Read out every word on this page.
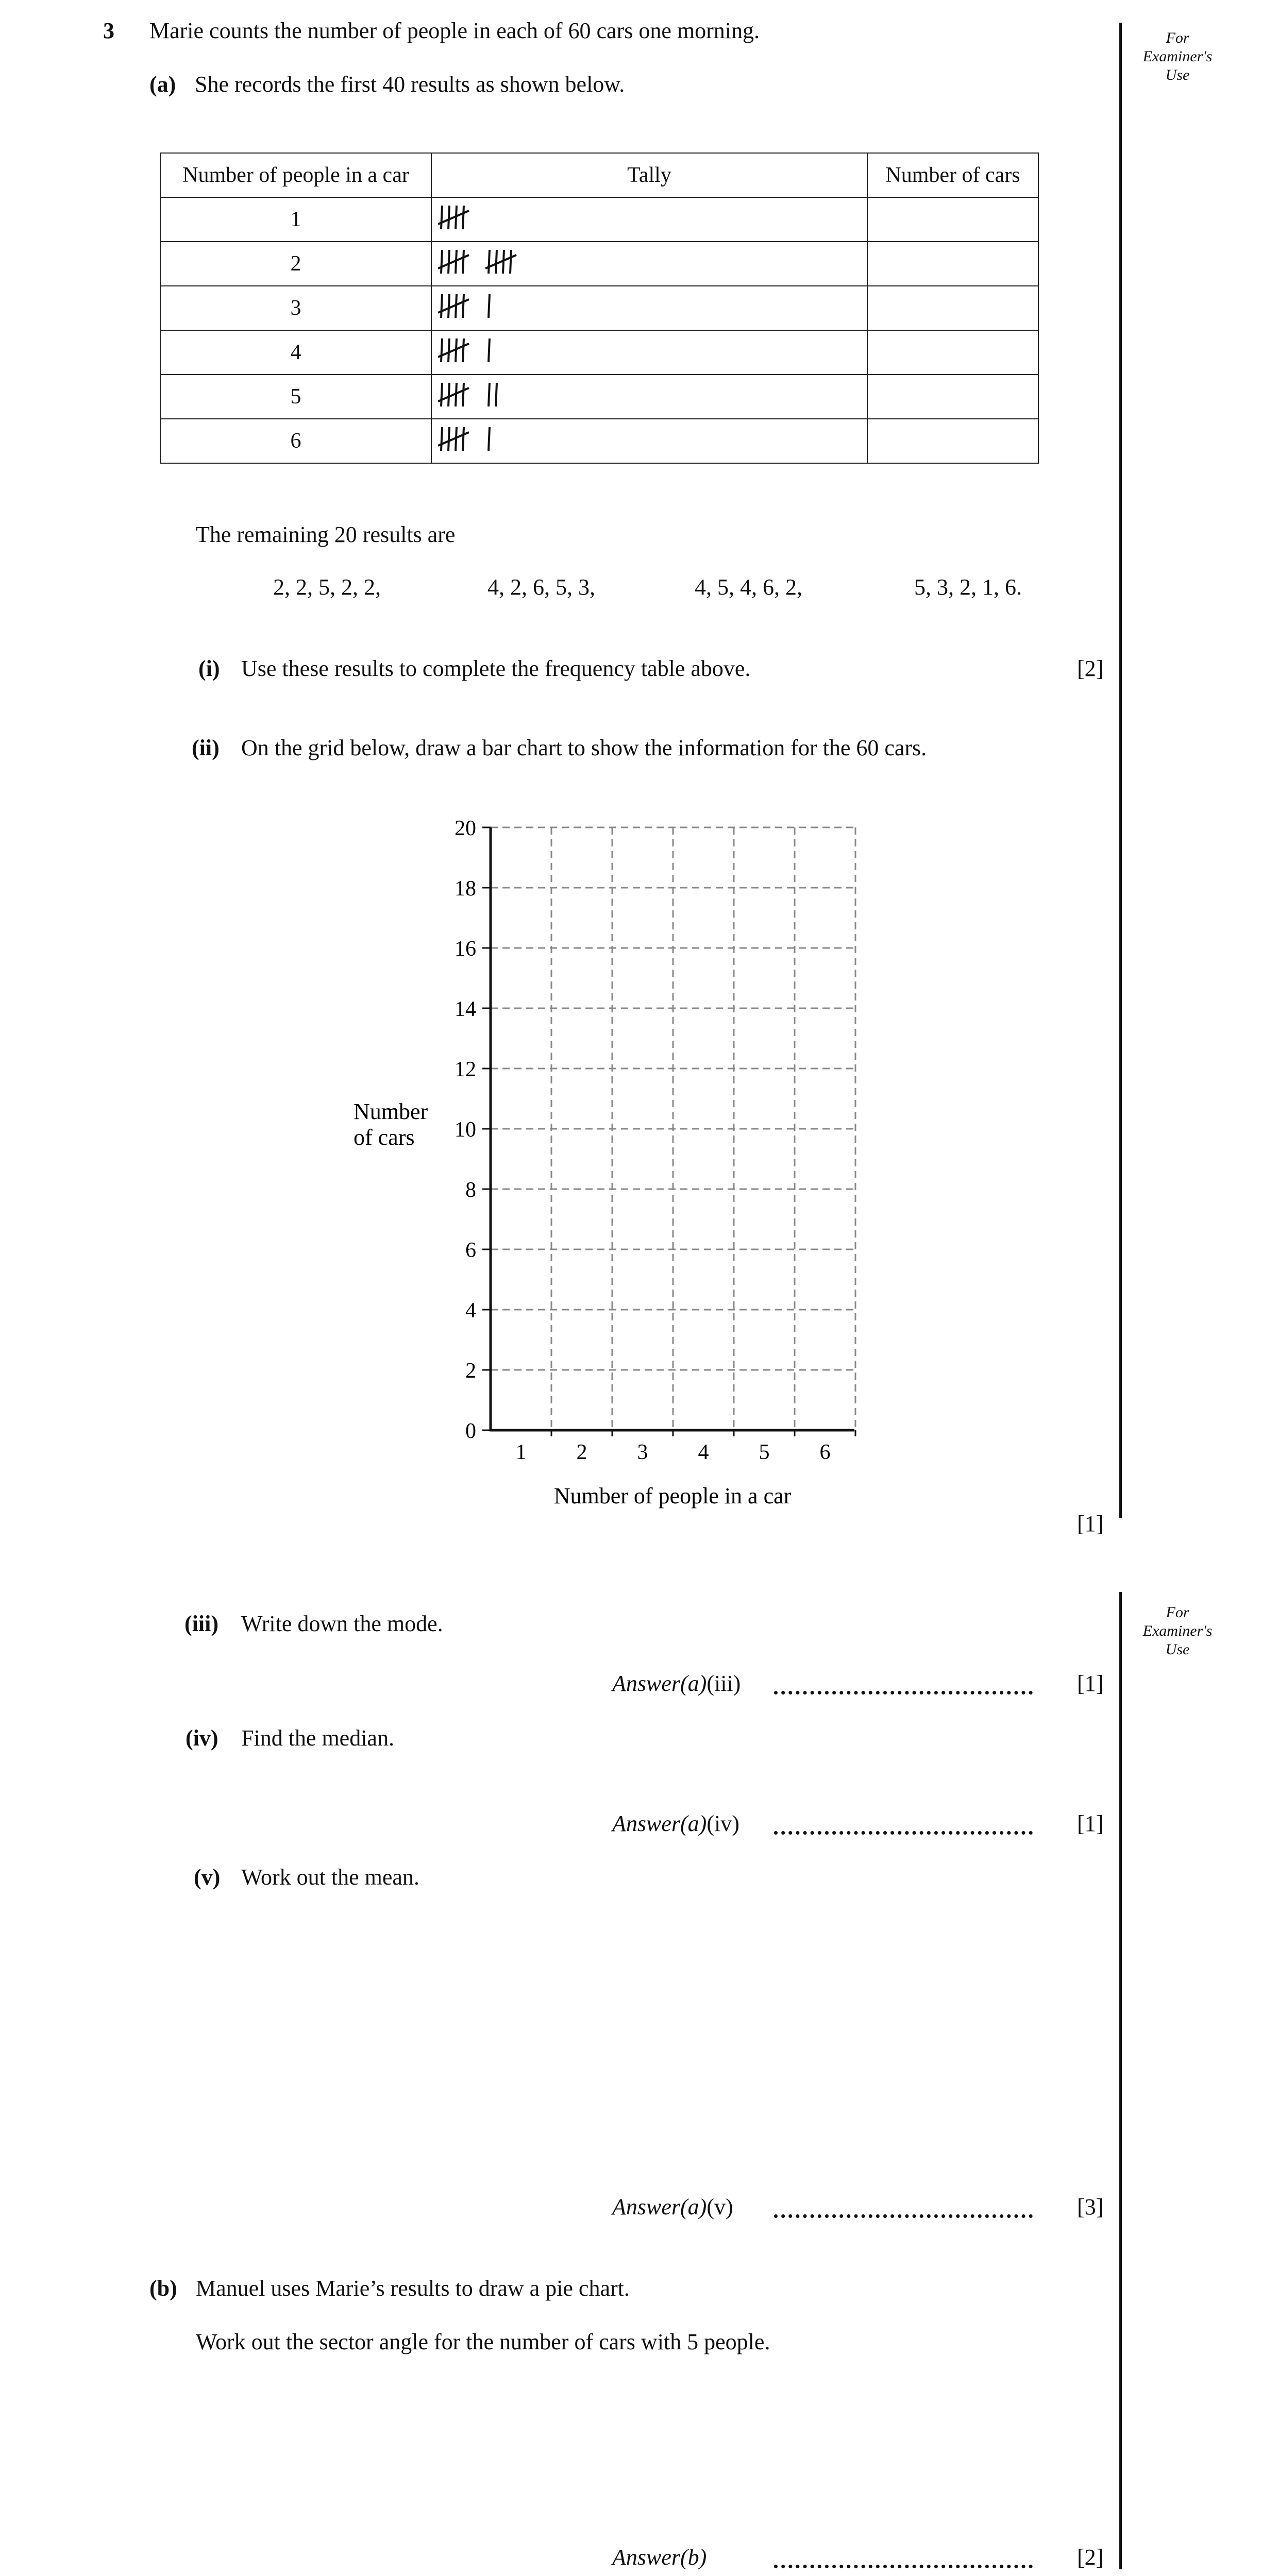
For Examiner's Use
For Examiner's Use
3 Marie counts the number of people in each of 60 cars one morning.
(a) She records the first 40 results as shown below.
Number of people in a car	Tally	Number of cars
1		
2		
3		
4		
5		
6		
The remaining 20 results are
2, 2, 5, 2, 2,	4, 2, 6, 5, 3,	4, 5, 4, 6, 2,	5, 3, 2, 1, 6.
(i) Use these results to complete the frequency table above.	[2]
(ii) On the grid below, draw a bar chart to show the information for the 60 cars.
0
2
4
6
8
10
12
14
16
18
20
1 2 3 4 5 6
Number
of cars
Number of people in a car
[1]
(iii) Write down the mode.
Answer(a)(iii)	[1]
(iv) Find the median.
Answer(a)(iv)	[1]
(v) Work out the mean.
Answer(a)(v)	[3]
(b) Manuel uses Marie’s results to draw a pie chart.
Work out the sector angle for the number of cars with 5 people.
Answer(b)	[2]
